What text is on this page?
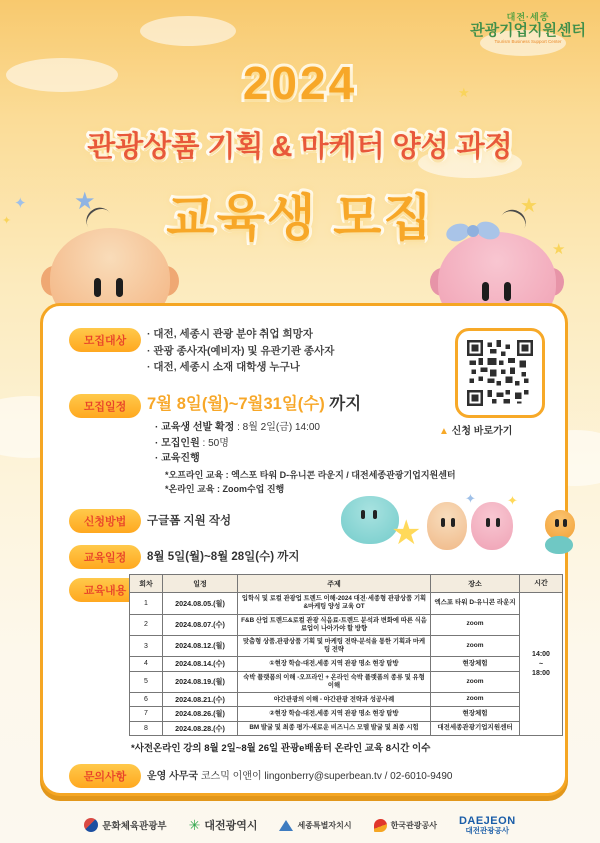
★
✦
✦
★
대전·세종
관광기업지원센터
Tourism Business Support Center
2024
관광상품 기획 & 마케터 양성 과정
교육생 모집
★	★
모집대상
· 대전, 세종시 관광 분야 취업 희망자
· 관광 종사자(예비자) 및 유관기관 종사자
· 대전, 세종시 소재 대학생 누구나
▲ 신청 바로가기
모집일정	7월 8일(월)~7월31일(수) 까지
· 교육생 선발 확정 : 8월 2일(금) 14:00
· 모집인원 : 50명
· 교육진행
*오프라인 교육 : 엑스포 타워 D-유니콘 라운지 / 대전세종관광기업지원센터
*온라인 교육 : Zoom수업 진행
신청방법	구글폼 지원 작성
교육일정	8월 5일(월)~8월 28일(수) 까지
★
✦ ✦
교육내용
회차	일정	주제	장소	시간
1	2024.08.05.(월)	입학식 및 로컬 관광업 트렌드 이해-2024 대전·세종형 관광상품 기획&마케팅 양성 교육 OT	엑스포 타워 D-유니콘 라운지	14:00
~
18:00

2	2024.08.07.(수)	F&B 산업 트렌드&로컬 관광 식음료-트렌드 분석과 변화에 따른 식음료업이 나아가야 할 방향	zoom	
3	2024.08.12.(월)	맞춤형 상품,관광상품 기획 및 마케팅 전략-분석을 통한 기획과 마케팅 전략	zoom	
4	2024.08.14.(수)	①현장 학습-대전,세종 지역 관광 명소 현장 탐방	현장체험	
5	2024.08.19.(월)	숙박 플랫폼의 이해 -오프라인 + 온라인 숙박 플랫폼의 종류 및 유형 이해	zoom	
6	2024.08.21.(수)	야간관광의 이해 - 야간관광 전략과 성공사례	zoom	
7	2024.08.26.(월)	②현장 학습-대전,세종 지역 관광 명소 현장 탐방	현장체험	
8	2024.08.28.(수)	BM 발굴 및 최종 평가-새로운 비즈니스 모델 발굴 및 최종 시험	대전세종관광기업지원센터	
*사전온라인 강의 8월 2일~8월 26일 관광e배움터 온라인 교육 8시간 이수
문의사항	운영 사무국 코스믹 이앤이 lingonberry@superbean.tv / 02-6010-9490
문화체육관광부 ✳ 대전광역시	세종특별자치시	한국관광공사 DAEJEON
대전관광공사
